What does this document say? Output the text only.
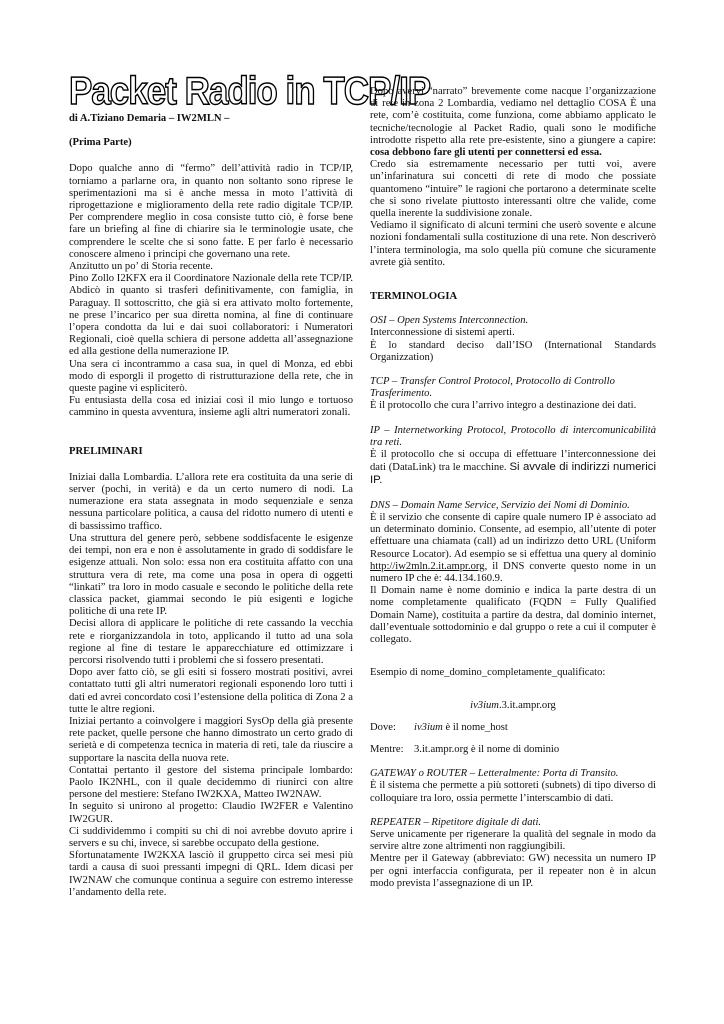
Packet Radio in TCP/IP

di A.Tiziano Demaria – IW2MLN –

(Prima Parte)

Dopo qualche anno di “fermo” dell’attività radio in TCP/IP, torniamo a parlarne ora, in quanto non soltanto sono riprese le sperimentazioni ma si è anche messa in moto l’attività di riprogettazione e miglioramento della rete radio digitale TCP/IP. Per comprendere meglio in cosa consiste tutto ciò, è forse bene fare un briefing al fine di chiarire sia le terminologie usate, che comprendere le scelte che si sono fatte. E per farlo è necessario conoscere almeno i principi che governano una rete.

Anzitutto un po’ di Storia recente.

Pino Zollo I2KFX era il Coordinatore Nazionale della rete TCP/IP. Abdicò in quanto si trasferì definitivamente, con famiglia, in Paraguay. Il sottoscritto, che già si era attivato molto fortemente, ne prese l’incarico per sua diretta nomina, al fine di continuare l’opera condotta da lui e dai suoi collaboratori: i Numeratori Regionali, cioè quella schiera di persone addetta all’assegnazione ed alla gestione della numerazione IP.

Una sera ci incontrammo a casa sua, in quel di Monza, ed ebbi modo di esporgli il progetto di ristrutturazione della rete, che in queste pagine vi espliciterò.

Fu entusiasta della cosa ed iniziai così il mio lungo e tortuoso cammino in questa avventura, insieme agli altri numeratori zonali.

PRELIMINARI

Iniziai dalla Lombardia. L’allora rete era costituita da una serie di server (pochi, in verità) e da un certo numero di nodi. La numerazione era stata assegnata in modo sequenziale e senza nessuna particolare politica, a causa del ridotto numero di utenti e di bassissimo traffico.

Una struttura del genere però, sebbene soddisfacente le esigenze dei tempi, non era e non è assolutamente in grado di soddisfare le esigenze attuali. Non solo: essa non era costituita affatto con una struttura vera di rete, ma come una posa in opera di oggetti “linkati” tra loro in modo casuale e secondo le politiche della rete classica packet, giammai secondo le più esigenti e logiche politiche di una rete IP.

Decisi allora di applicare le politiche di rete cassando la vecchia rete e riorganizzandola in toto, applicando il tutto ad una sola regione al fine di testare le apparecchiature ed ottimizzare i percorsi risolvendo tutti i problemi che si fossero presentati.

Dopo aver fatto ciò, se gli esiti si fossero mostrati positivi, avrei contattato tutti gli altri numeratori regionali esponendo loro tutti i dati ed avrei concordato così l’estensione della politica di Zona 2 a tutte le altre regioni.

Iniziai pertanto a coinvolgere i maggiori SysOp della già presente rete packet, quelle persone che hanno dimostrato un certo grado di serietà e di competenza tecnica in materia di reti, tale da riuscire a supportare la nascita della nuova rete.

Contattai pertanto il gestore del sistema principale lombardo: Paolo IK2NHL, con il quale decidemmo di riunirci con altre persone del mestiere: Stefano IW2KXA, Matteo IW2NAW.

In seguito si unirono al progetto: Claudio IW2FER e Valentino IW2GUR.

Ci suddividemmo i compiti su chi di noi avrebbe dovuto aprire i servers e su chi, invece, si sarebbe occupato della gestione.

Sfortunatamente IW2KXA lasciò il gruppetto circa sei mesi più tardi a causa di suoi pressanti impegni di QRL. Idem dicasi per IW2NAW che comunque continua a seguire con estremo interesse l’andamento della rete.

Dopo avervi “narrato” brevemente come nacque l’organizzazione di rete in zona 2 Lombardia, vediamo nel dettaglio COSA È una rete, com’è costituita, come funziona, come abbiamo applicato le tecniche/tecnologie al Packet Radio, quali sono le modifiche introdotte rispetto alla rete pre-esistente, sino a giungere a capire: cosa debbono fare gli utenti per connettersi ed essa.

Credo sia estremamente necessario per tutti voi, avere un’infarinatura sui concetti di rete di modo che possiate quantomeno “intuire” le ragioni che portarono a determinate scelte che si sono rivelate piuttosto interessanti oltre che valide, come quella inerente la suddivisione zonale.

Vediamo il significato di alcuni termini che userò sovente e alcune nozioni fondamentali sulla costituzione di una rete. Non descriverò l’intera terminologia, ma solo quella più comune che sicuramente avrete già sentito.

TERMINOLOGIA

OSI – Open Systems Interconnection.

Interconnessione di sistemi aperti.

È lo standard deciso dall’ISO (International Standards Organizzation)

TCP – Transfer Control Protocol, Protocollo di Controllo Trasferimento.

È il protocollo che cura l’arrivo integro a destinazione dei dati.

IP – Internetworking Protocol, Protocollo di intercomunicabilità tra reti.

È il protocollo che si occupa di effettuare l’interconnessione dei dati (DataLink) tra le macchine. Si avvale di indirizzi numerici IP.

DNS – Domain Name Service, Servizio dei Nomi di Dominio.

È il servizio che consente di capire quale numero IP è associato ad un determinato dominio. Consente, ad esempio, all’utente di poter effettuare una chiamata (call) ad un indirizzo detto URL (Uniform Resource Locator). Ad esempio se si effettua una query al dominio http://iw2mln.2.it.ampr.org, il DNS converte questo nome in un numero IP che è: 44.134.160.9.

Il Domain name è nome dominio e indica la parte destra di un nome completamente qualificato (FQDN = Fully Qualified Domain Name), costituita a partire da destra, dal dominio internet, dall’eventuale sottodominio e dal gruppo o rete a cui il computer è collegato.

Esempio di nome_domino_completamente_qualificato:

iv3ium.3.it.ampr.org

Dove:	iv3ium è il nome_host
Mentre: 3.it.ampr.org è il nome di dominio

GATEWAY o ROUTER – Letteralmente: Porta di Transito.

È il sistema che permette a più sottoreti (subnets) di tipo diverso di colloquiare tra loro, ossia permette l’interscambio di dati.

REPEATER – Ripetitore digitale di dati.

Serve unicamente per rigenerare la qualità del segnale in modo da servire altre zone altrimenti non raggiungibili.

Mentre per il Gateway (abbreviato: GW) necessita un numero IP per ogni interfaccia configurata, per il repeater non è in alcun modo prevista l’assegnazione di un IP.
